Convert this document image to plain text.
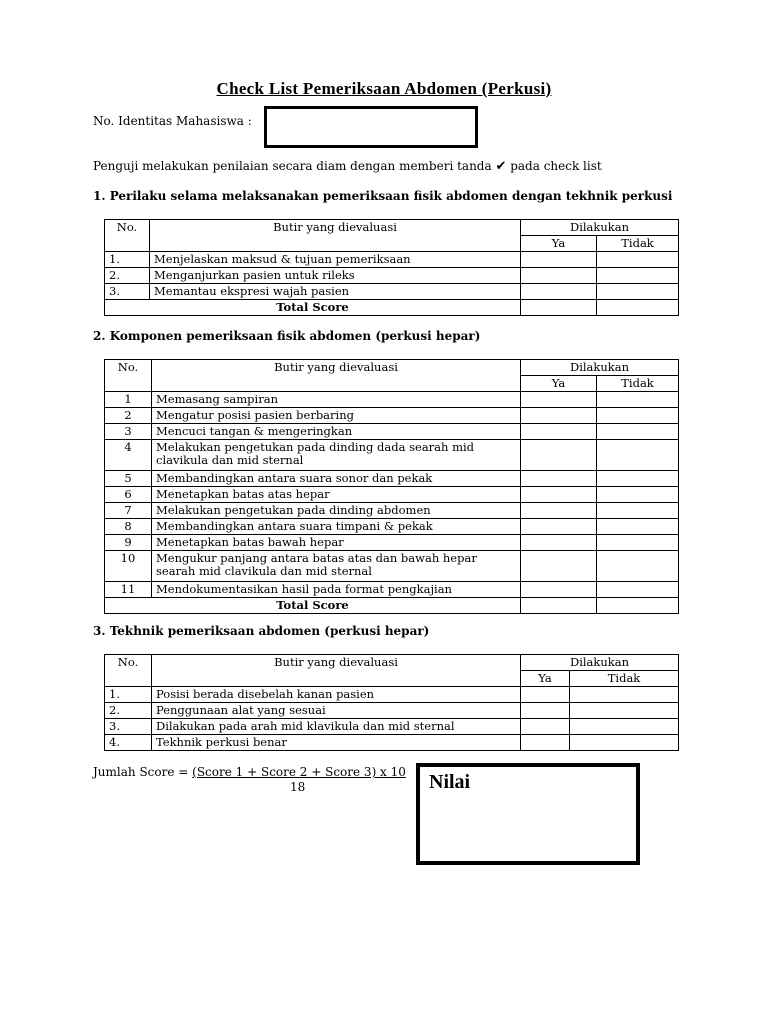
Check List Pemeriksaan Abdomen (Perkusi)
No. Identitas Mahasiswa :
Penguji melakukan penilaian secara diam dengan memberi tanda ✔ pada check list
1. Perilaku selama melaksanakan pemeriksaan fisik abdomen dengan tekhnik perkusi
No.	Butir yang dievaluasi	Dilakukan	
		Ya	Tidak
1.	Menjelaskan maksud & tujuan pemeriksaan		
2.	Menganjurkan pasien untuk rileks		
3.	Memantau ekspresi wajah pasien		
Total Score			
2. Komponen pemeriksaan fisik abdomen (perkusi hepar)
No.	Butir yang dievaluasi	Dilakukan	
		Ya	Tidak
1	Memasang sampiran		
2	Mengatur posisi pasien berbaring		
3	Mencuci tangan & mengeringkan		
4	Melakukan pengetukan pada dinding dada searah mid
clavikula dan mid sternal		

5	Membandingkan antara suara sonor dan pekak		
6	Menetapkan batas atas hepar		
7	Melakukan pengetukan pada dinding abdomen		
8	Membandingkan antara suara timpani & pekak		
9	Menetapkan batas bawah hepar		
10	Mengukur panjang antara batas atas dan bawah hepar
searah mid clavikula dan mid sternal		

11	Mendokumentasikan hasil pada format pengkajian		
Total Score			
3. Tekhnik pemeriksaan abdomen (perkusi hepar)
No.	Butir yang dievaluasi	Dilakukan	
		Ya	Tidak
1.	Posisi berada disebelah kanan pasien		
2.	Penggunaan alat yang sesuai		
3.	Dilakukan pada arah mid klavikula dan mid sternal		
4.	Tekhnik perkusi benar		
Jumlah Score = (Score 1 + Score 2 + Score 3) x 10
18	Nilai
